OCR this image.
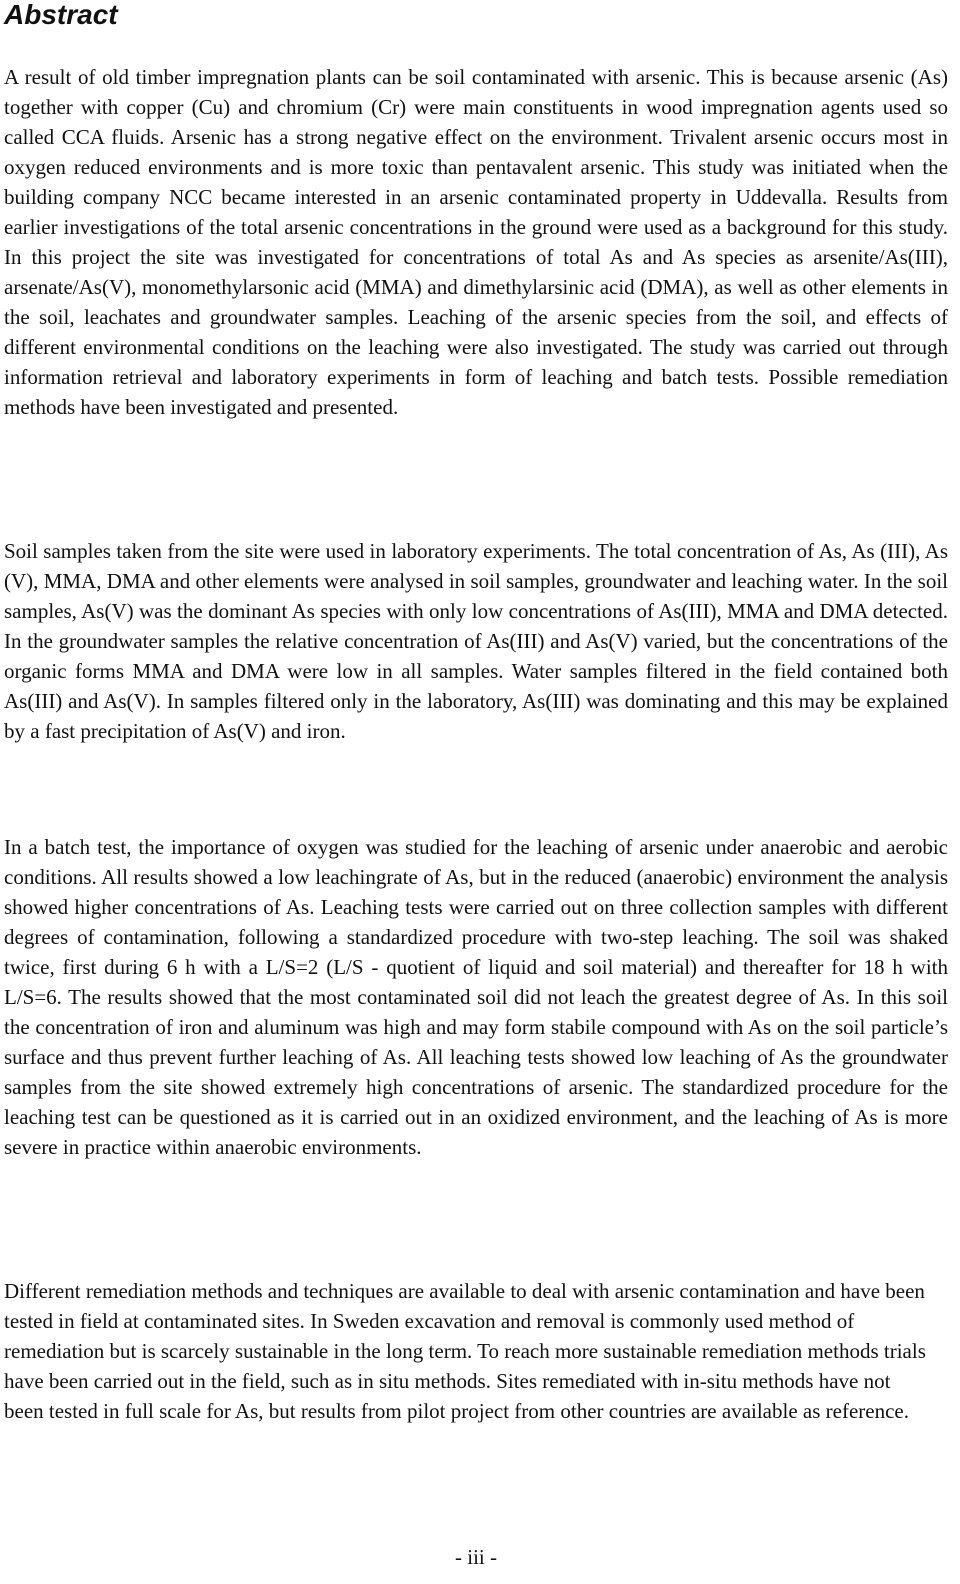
Abstract

A result of old timber impregnation plants can be soil contaminated with arsenic. This is because arsenic (As) together with copper (Cu) and chromium (Cr) were main constituents in wood impregnation agents used so called CCA fluids. Arsenic has a strong negative effect on the environment. Trivalent arsenic occurs most in oxygen reduced environments and is more toxic than pentavalent arsenic. This study was initiated when the building company NCC became interested in an arsenic contaminated property in Uddevalla. Results from earlier investigations of the total arsenic concentrations in the ground were used as a background for this study. In this project the site was investigated for concentrations of total As and As species as arsenite/As(III), arsenate/As(V), monomethylarsonic acid (MMA) and dimethylarsinic acid (DMA), as well as other elements in the soil, leachates and groundwater samples. Leaching of the arsenic species from the soil, and effects of different environmental conditions on the leaching were also investigated. The study was carried out through information retrieval and laboratory experiments in form of leaching and batch tests. Possible remediation methods have been investigated and presented.

Soil samples taken from the site were used in laboratory experiments. The total concentration of As, As (III), As (V), MMA, DMA and other elements were analysed in soil samples, groundwater and leaching water. In the soil samples, As(V) was the dominant As species with only low concentrations of As(III), MMA and DMA detected. In the groundwater samples the relative concentration of As(III) and As(V) varied, but the concentrations of the organic forms MMA and DMA were low in all samples. Water samples filtered in the field contained both As(III) and As(V). In samples filtered only in the laboratory, As(III) was dominating and this may be explained by a fast precipitation of As(V) and iron.

In a batch test, the importance of oxygen was studied for the leaching of arsenic under anaerobic and aerobic conditions. All results showed a low leachingrate of As, but in the reduced (anaerobic) environment the analysis showed higher concentrations of As. Leaching tests were carried out on three collection samples with different degrees of contamination, following a standardized procedure with two-step leaching. The soil was shaked twice, first during 6 h with a L/S=2 (L/S - quotient of liquid and soil material) and thereafter for 18 h with L/S=6. The results showed that the most contaminated soil did not leach the greatest degree of As. In this soil the concentration of iron and aluminum was high and may form stabile compound with As on the soil particle’s surface and thus prevent further leaching of As. All leaching tests showed low leaching of As the groundwater samples from the site showed extremely high concentrations of arsenic. The standardized procedure for the leaching test can be questioned as it is carried out in an oxidized environment, and the leaching of As is more severe in practice within anaerobic environments.

Different remediation methods and techniques are available to deal with arsenic contamination and have been tested in field at contaminated sites. In Sweden excavation and removal is commonly used method of remediation but is scarcely sustainable in the long term. To reach more sustainable remediation methods trials have been carried out in the field, such as in situ methods. Sites remediated with in-situ methods have not been tested in full scale for As, but results from pilot project from other countries are available as reference.

- iii -
